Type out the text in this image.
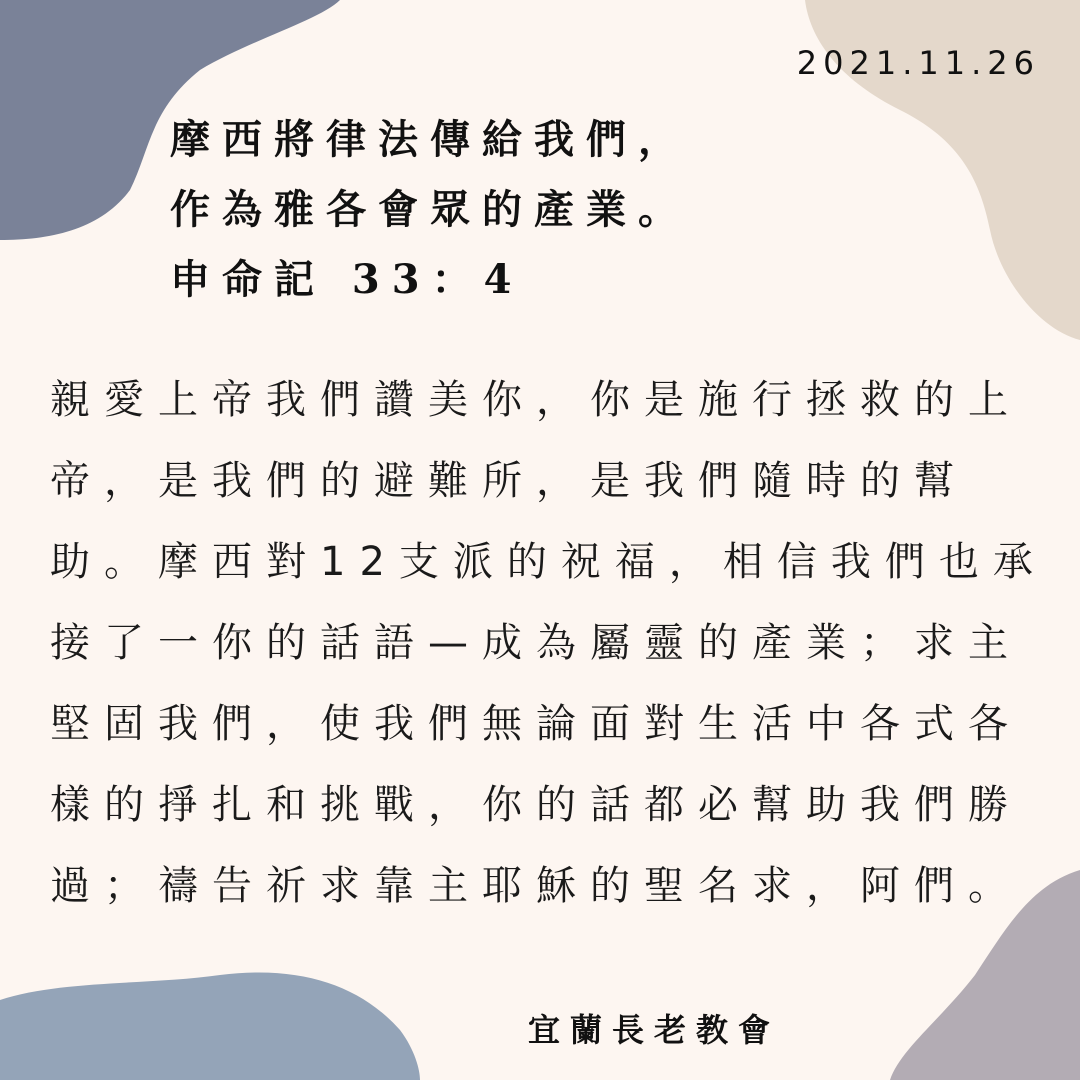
2021.11.26
摩西將律法傳給我們，
作為雅各會眾的產業。
申命記 33：4
親愛上帝我們讚美你，你是施行拯救的上
帝，是我們的避難所，是我們隨時的幫
助。摩西對12支派的祝福，相信我們也承
接了一你的話語—成為屬靈的產業；求主
堅固我們，使我們無論面對生活中各式各
樣的掙扎和挑戰，你的話都必幫助我們勝
過；禱告祈求靠主耶穌的聖名求，阿們。
宜蘭長老教會
